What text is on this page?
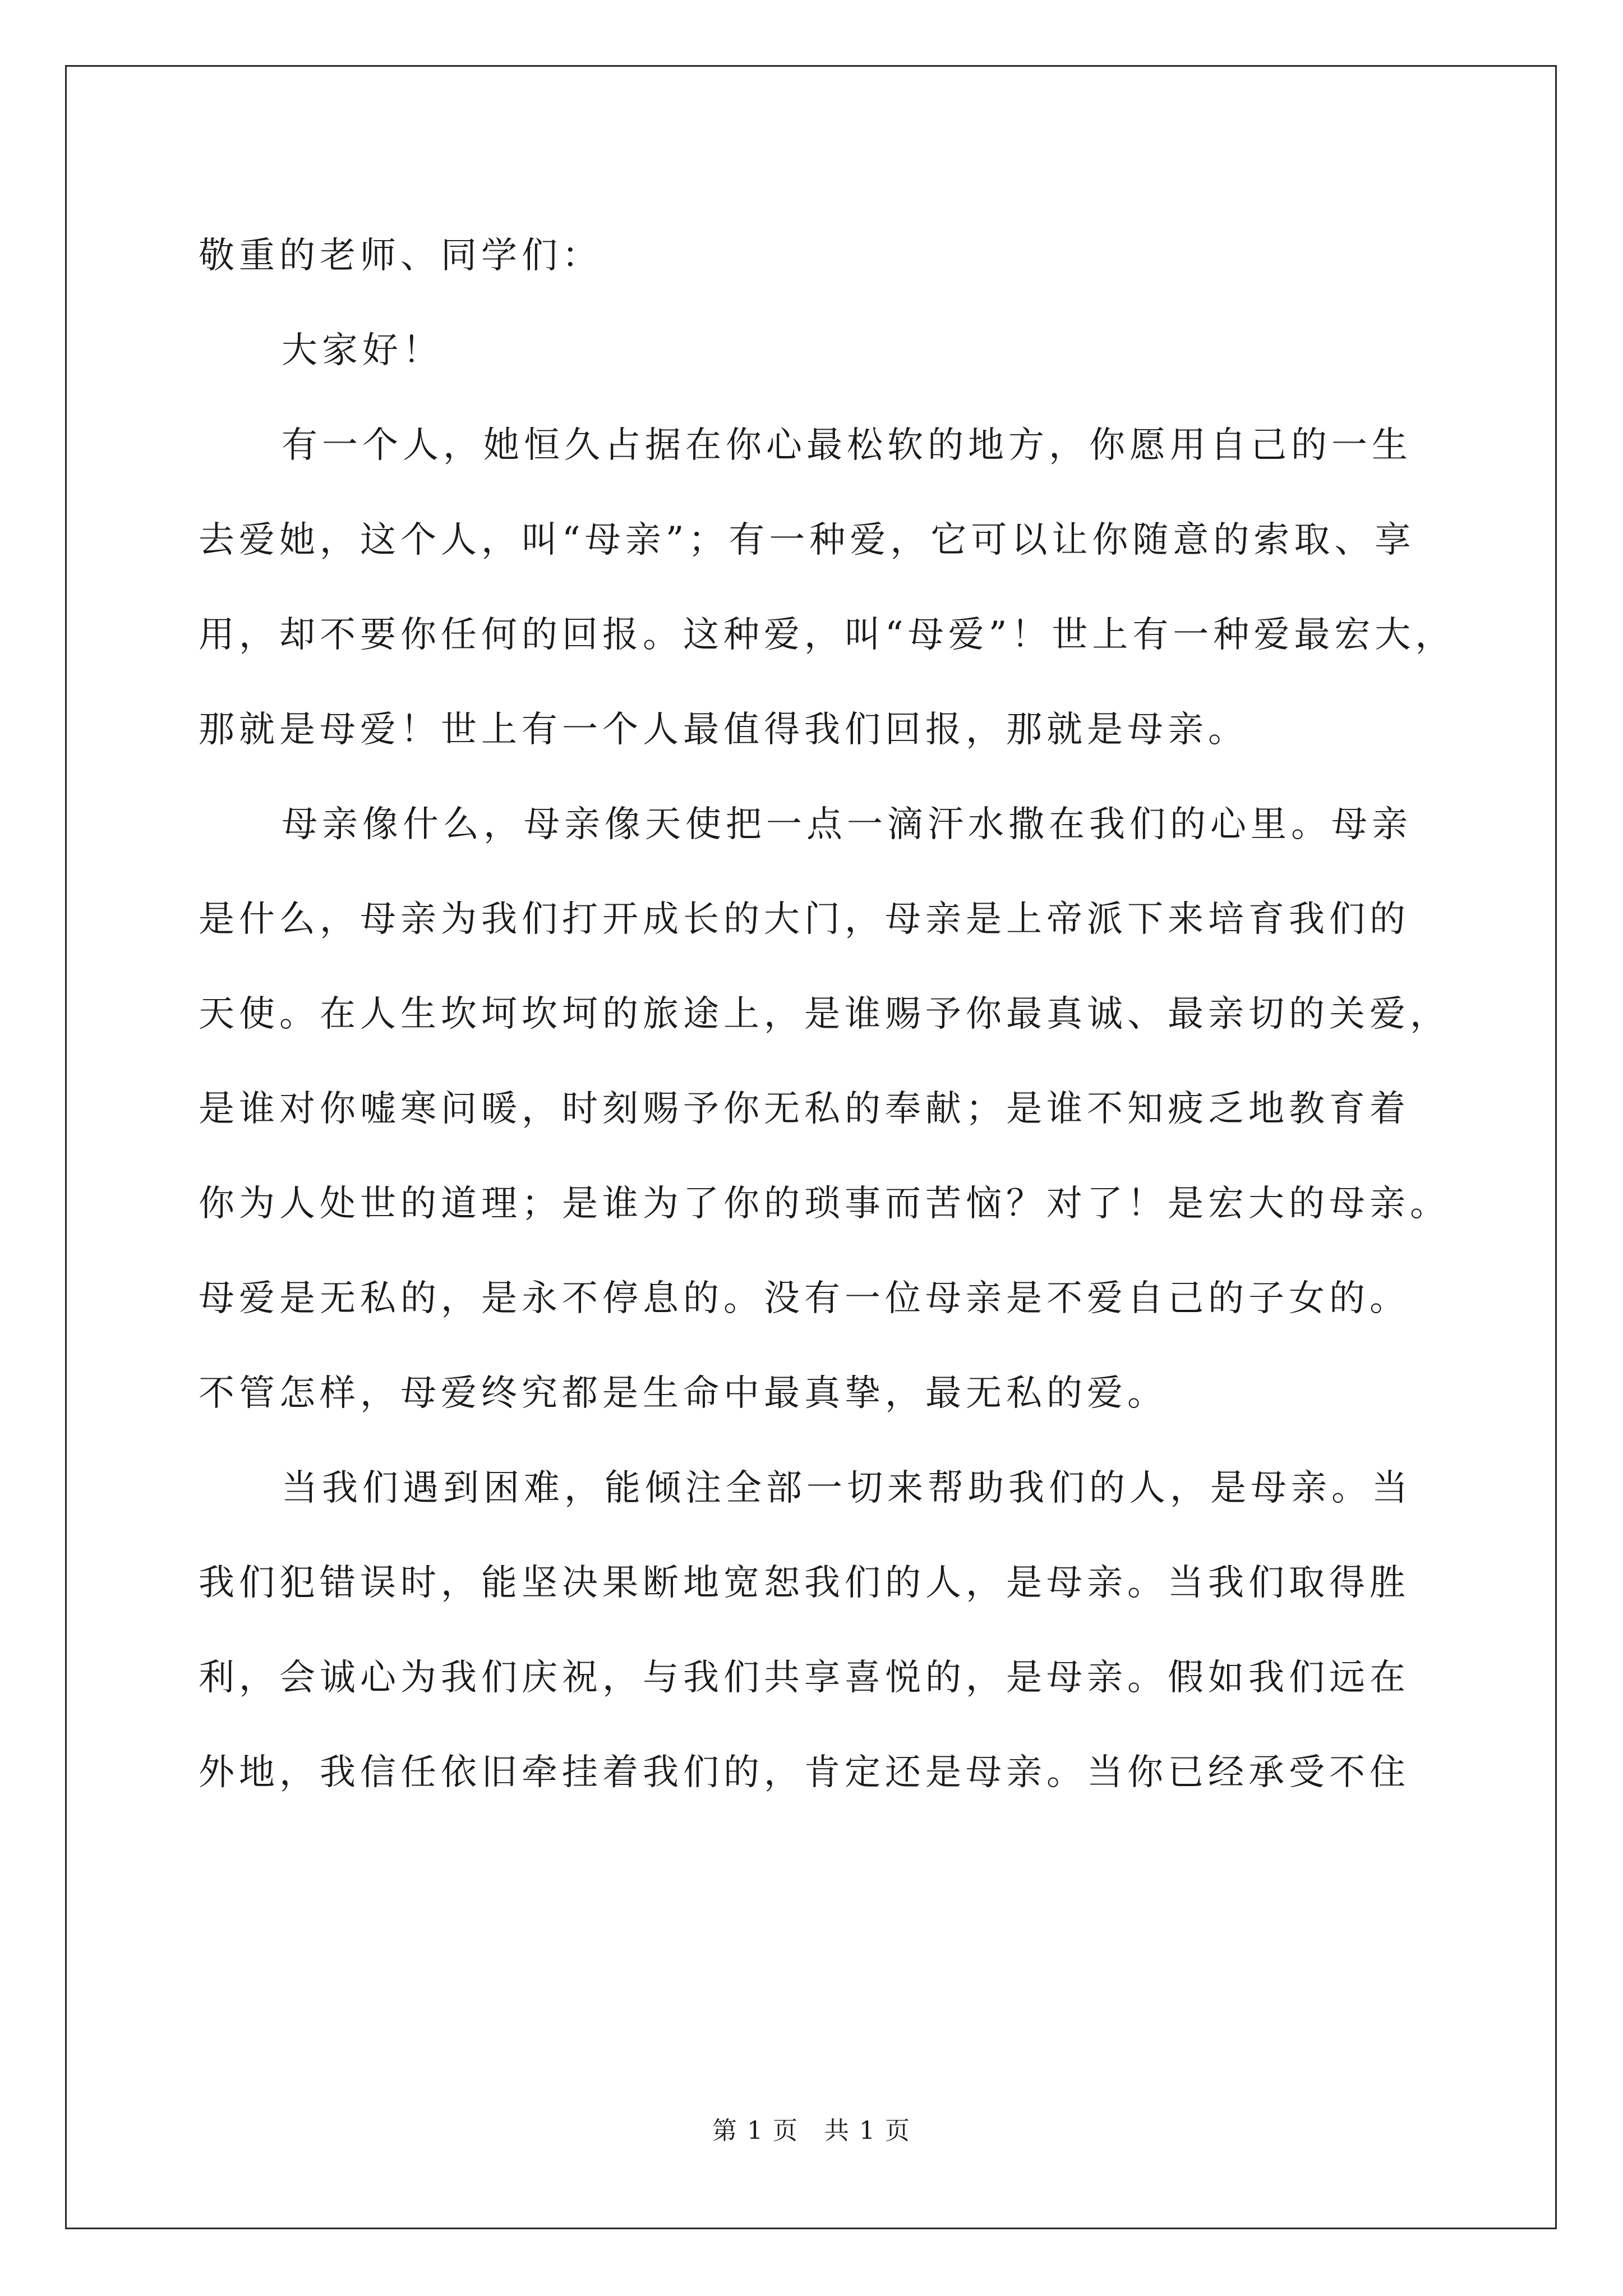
敬重的老师、同学们：
大家好！
有一个人，她恒久占据在你心最松软的地方，你愿用自己的一生
去爱她，这个人，叫“母亲”；有一种爱，它可以让你随意的索取、享
用，却不要你任何的回报。这种爱，叫“母爱”！世上有一种爱最宏大，
那就是母爱！世上有一个人最值得我们回报，那就是母亲。
母亲像什么，母亲像天使把一点一滴汗水撒在我们的心里。母亲
是什么，母亲为我们打开成长的大门，母亲是上帝派下来培育我们的
天使。在人生坎坷坎坷的旅途上，是谁赐予你最真诚、最亲切的关爱，
是谁对你嘘寒问暖，时刻赐予你无私的奉献；是谁不知疲乏地教育着
你为人处世的道理；是谁为了你的琐事而苦恼？对了！是宏大的母亲。
母爱是无私的，是永不停息的。没有一位母亲是不爱自己的子女的。
不管怎样，母爱终究都是生命中最真挚，最无私的爱。
当我们遇到困难，能倾注全部一切来帮助我们的人，是母亲。当
我们犯错误时，能坚决果断地宽恕我们的人，是母亲。当我们取得胜
利，会诚心为我们庆祝，与我们共享喜悦的，是母亲。假如我们远在
外地，我信任依旧牵挂着我们的，肯定还是母亲。当你已经承受不住
第 1 页　共 1 页
